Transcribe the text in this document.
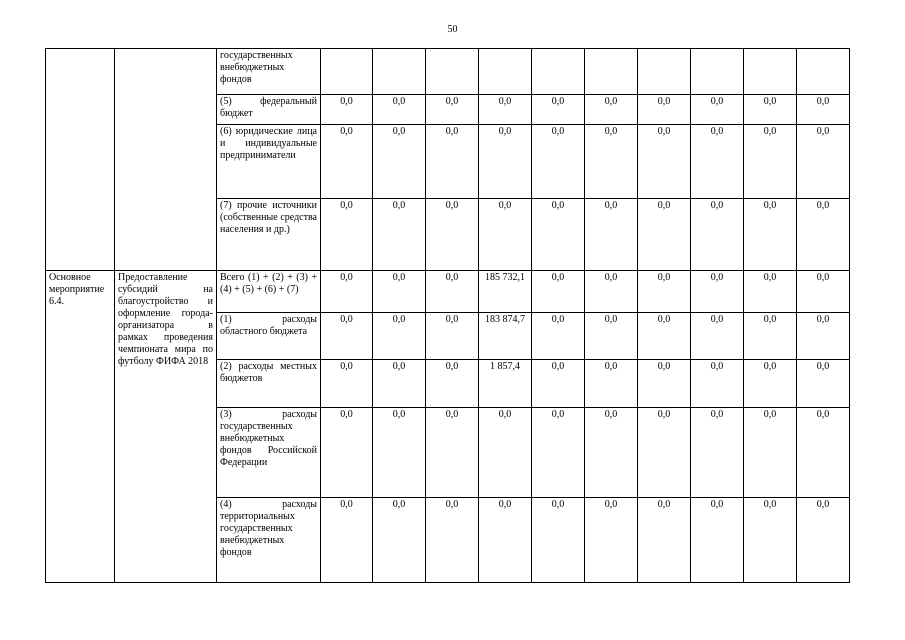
50
		государственных внебюджетных фондов										
		(5) федеральный бюджет	0,0	0,0	0,0	0,0	0,0	0,0	0,0	0,0	0,0	0,0
		(6) юридические лица и индивидуальные предприниматели	0,0	0,0	0,0	0,0	0,0	0,0	0,0	0,0	0,0	0,0
		(7) прочие источники (собственные средства населения и др.)	0,0	0,0	0,0	0,0	0,0	0,0	0,0	0,0	0,0	0,0
Основное мероприятие 6.4.	Предоставление субсидий на благоустройство и оформление города-организатора в рамках проведения чемпионата мира по футболу ФИФА 2018	Всего (1) + (2) + (3) + (4) + (5) + (6) + (7)	0,0	0,0	0,0	185 732,1	0,0	0,0	0,0	0,0	0,0	0,0
		(1) расходы областного бюджета	0,0	0,0	0,0	183 874,7	0,0	0,0	0,0	0,0	0,0	0,0
		(2) расходы местных бюджетов	0,0	0,0	0,0	1 857,4	0,0	0,0	0,0	0,0	0,0	0,0
		(3) расходы государственных внебюджетных фондов Российской Федерации	0,0	0,0	0,0	0,0	0,0	0,0	0,0	0,0	0,0	0,0
		(4) расходы территориальных государственных внебюджетных фондов	0,0	0,0	0,0	0,0	0,0	0,0	0,0	0,0	0,0	0,0
